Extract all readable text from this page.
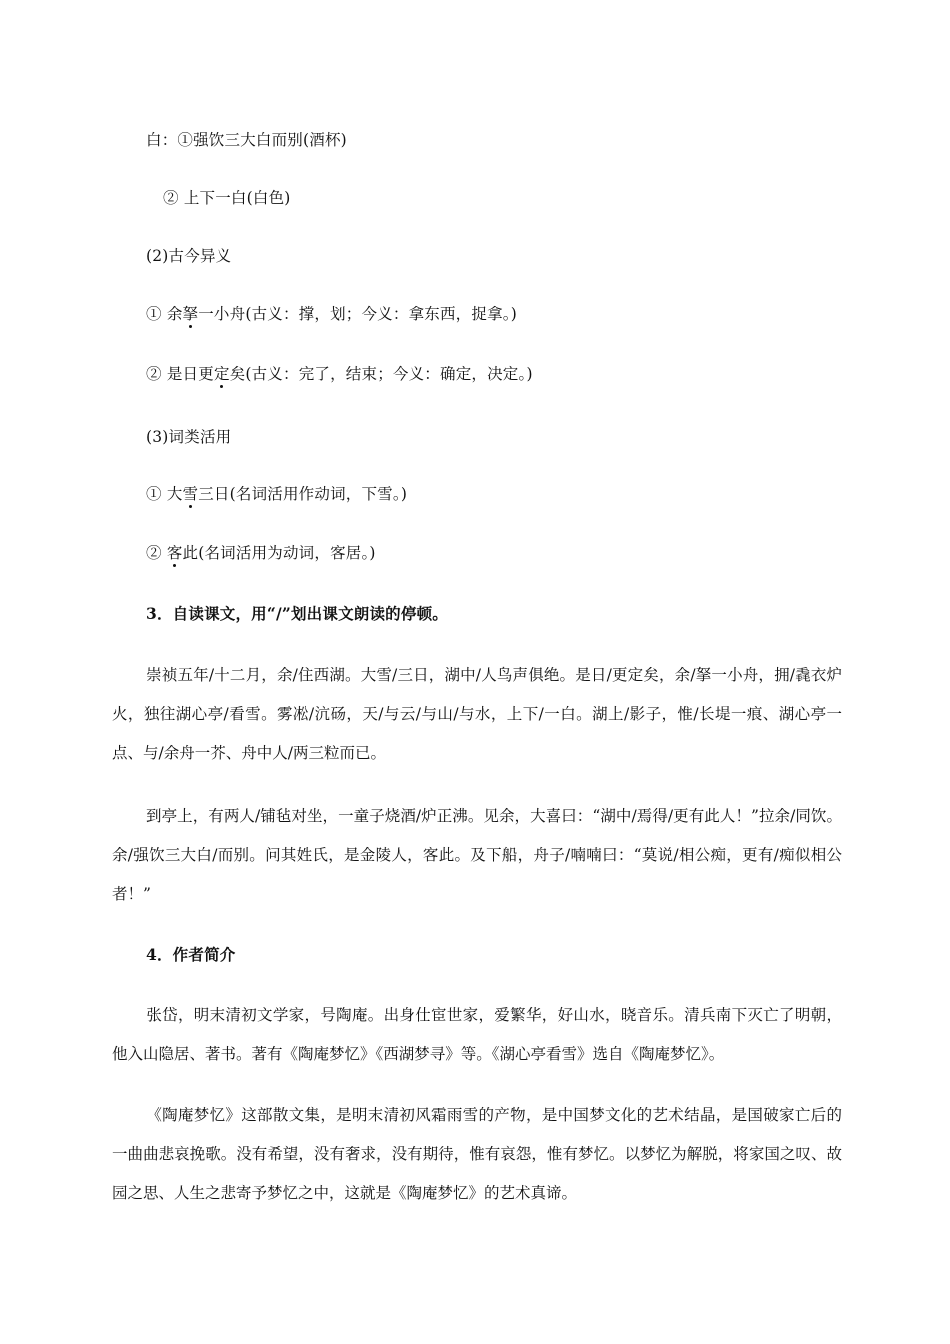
白：①强饮三大白而别(酒杯)
② 上下一白(白色)
(2)古今异义
① 余拏一小舟(古义：撑，划；今义：拿东西，捉拿。)
② 是日更定矣(古义：完了，结束；今义：确定，决定。)
(3)词类活用
① 大雪三日(名词活用作动词，下雪。)
② 客此(名词活用为动词，客居。)
3．自读课文，用“/”划出课文朗读的停顿。
崇祯五年/十二月，余/住西湖。大雪/三日，湖中/人鸟声俱绝。是日/更定矣，余/拏一小舟，拥/毳衣炉火，独往湖心亭/看雪。雾凇/沆砀，天/与云/与山/与水，上下/一白。湖上/影子，惟/长堤一痕、湖心亭一点、与/余舟一芥、舟中人/两三粒而已。
到亭上，有两人/铺毡对坐，一童子烧酒/炉正沸。见余，大喜曰：“湖中/焉得/更有此人！”拉余/同饮。余/强饮三大白/而别。问其姓氏，是金陵人，客此。及下船，舟子/喃喃曰：“莫说/相公痴，更有/痴似相公者！”
4．作者简介
张岱，明末清初文学家，号陶庵。出身仕宦世家，爱繁华，好山水，晓音乐。清兵南下灭亡了明朝，他入山隐居、著书。著有《陶庵梦忆》《西湖梦寻》等。《湖心亭看雪》选自《陶庵梦忆》。
《陶庵梦忆》这部散文集，是明末清初风霜雨雪的产物，是中国梦文化的艺术结晶，是国破家亡后的一曲曲悲哀挽歌。没有希望，没有奢求，没有期待，惟有哀怨，惟有梦忆。以梦忆为解脱，将家国之叹、故园之思、人生之悲寄予梦忆之中，这就是《陶庵梦忆》的艺术真谛。
